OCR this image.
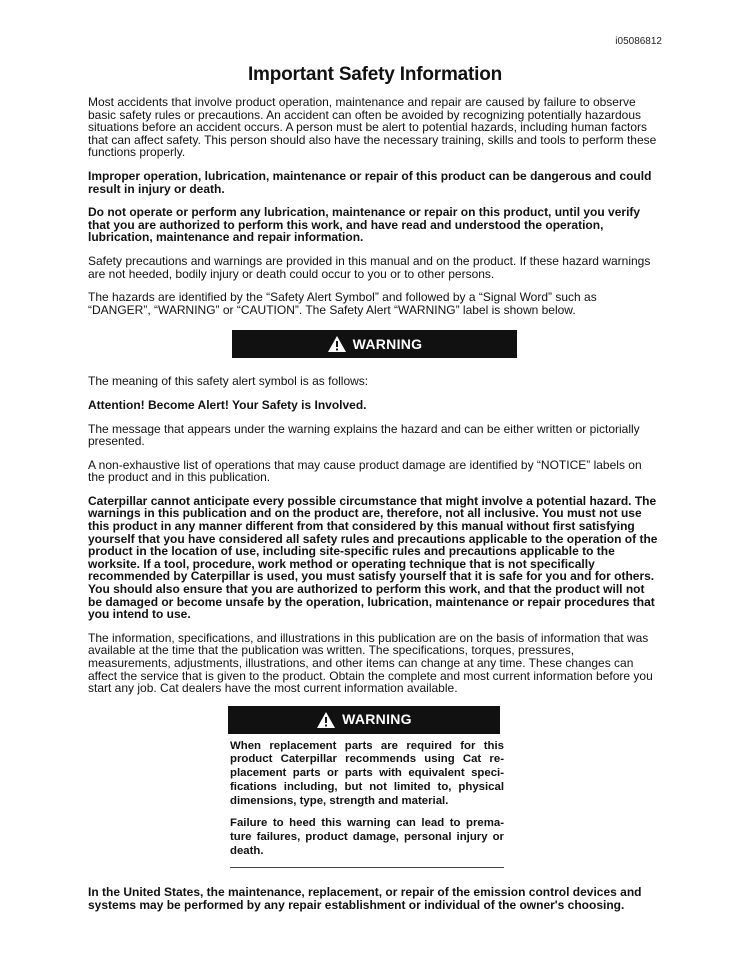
i05086812
Important Safety Information

Most accidents that involve product operation, maintenance and repair are caused by failure to observe basic safety rules or precautions. An accident can often be avoided by recognizing potentially hazardous situations before an accident occurs. A person must be alert to potential hazards, including human factors that can affect safety. This person should also have the necessary training, skills and tools to perform these functions properly.

Improper operation, lubrication, maintenance or repair of this product can be dangerous and could result in injury or death.

Do not operate or perform any lubrication, maintenance or repair on this product, until you verify that you are authorized to perform this work, and have read and understood the operation, lubrication, maintenance and repair information.

Safety precautions and warnings are provided in this manual and on the product. If these hazard warnings are not heeded, bodily injury or death could occur to you or to other persons.

The hazards are identified by the “Safety Alert Symbol” and followed by a “Signal Word” such as “DANGER”, “WARNING” or “CAUTION”. The Safety Alert “WARNING” label is shown below.

WARNING

The meaning of this safety alert symbol is as follows:

Attention! Become Alert! Your Safety is Involved.

The message that appears under the warning explains the hazard and can be either written or pictorially presented.

A non-exhaustive list of operations that may cause product damage are identified by “NOTICE” labels on the product and in this publication.

Caterpillar cannot anticipate every possible circumstance that might involve a potential hazard. The warnings in this publication and on the product are, therefore, not all inclusive. You must not use this product in any manner different from that considered by this manual without first satisfying yourself that you have considered all safety rules and precautions applicable to the operation of the product in the location of use, including site-specific rules and precautions applicable to the worksite. If a tool, procedure, work method or operating technique that is not specifically recommended by Caterpillar is used, you must satisfy yourself that it is safe for you and for others. You should also ensure that you are authorized to perform this work, and that the product will not be damaged or become unsafe by the operation, lubrication, maintenance or repair procedures that you intend to use.

The information, specifications, and illustrations in this publication are on the basis of information that was available at the time that the publication was written. The specifications, torques, pressures, measurements, adjustments, illustrations, and other items can change at any time. These changes can affect the service that is given to the product. Obtain the complete and most current information before you start any job. Cat dealers have the most current information available.

WARNING

When replacement parts are required for this product Caterpillar recommends using Cat re-placement parts or parts with equivalent speci-fications including, but not limited to, physical dimensions, type, strength and material.

Failure to heed this warning can lead to prema-ture failures, product damage, personal injury or death.

In the United States, the maintenance, replacement, or repair of the emission control devices and systems may be performed by any repair establishment or individual of the owner's choosing.
